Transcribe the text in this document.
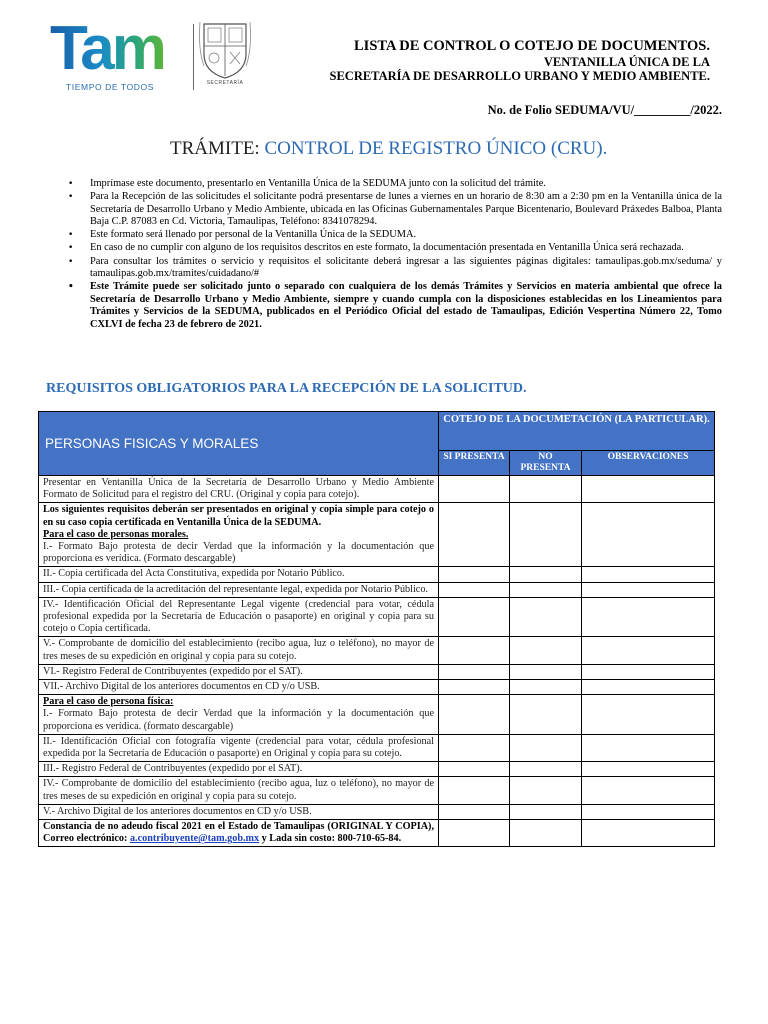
Tam
TIEMPO DE TODOS	SECRETARÍA
LISTA DE CONTROL O COTEJO DE DOCUMENTOS.
VENTANILLA ÚNICA DE LA
SECRETARÍA DE DESARROLLO URBANO Y MEDIO AMBIENTE.
No. de Folio SEDUMA/VU/_________/2022.
TRÁMITE: CONTROL DE REGISTRO ÚNICO (CRU).
• Imprímase este documento, presentarlo en Ventanilla Única de la SEDUMA junto con la solicitud del trámite.
• Para la Recepción de las solicitudes el solicitante podrá presentarse de lunes a viernes en un horario de 8:30 am a 2:30 pm en la Ventanilla única de la Secretaría de Desarrollo Urbano y Medio Ambiente, ubicada en las Oficinas Gubernamentales Parque Bicentenario, Boulevard Práxedes Balboa, Planta Baja C.P. 87083 en Cd. Victoria, Tamaulipas, Teléfono: 8341078294.
• Este formato será llenado por personal de la Ventanilla Única de la SEDUMA.
• En caso de no cumplir con alguno de los requisitos descritos en este formato, la documentación presentada en Ventanilla Única será rechazada.
• Para consultar los trámites o servicio y requisitos el solicitante deberá ingresar a las siguientes páginas digitales: tamaulipas.gob.mx/seduma/ y tamaulipas.gob.mx/tramites/cuidadano/#
• Este Trámite puede ser solicitado junto o separado con cualquiera de los demás Trámites y Servicios en materia ambiental que ofrece la Secretaría de Desarrollo Urbano y Medio Ambiente, siempre y cuando cumpla con la disposiciones establecidas en los Lineamientos para Trámites y Servicios de la SEDUMA, publicados en el Periódico Oficial del estado de Tamaulipas, Edición Vespertina Número 22, Tomo CXLVI de fecha 23 de febrero de 2021.
REQUISITOS OBLIGATORIOS PARA LA RECEPCIÓN DE LA SOLICITUD.
PERSONAS FISICAS Y MORALES	COTEJO DE LA DOCUMETACIÓN (LA PARTICULAR).		
	SI PRESENTA	NO PRESENTA	OBSERVACIONES
Presentar en Ventanilla Única de la Secretaría de Desarrollo Urbano y Medio Ambiente Formato de Solicitud para el registro del CRU. (Original y copia para cotejo).			

Los siguientes requisitos deberán ser presentados en original y copia simple para cotejo o en su caso copia certificada en Ventanilla Única de la SEDUMA.
Para el caso de personas morales.
I.- Formato Bajo protesta de decir Verdad que la información y la documentación que proporciona es verídica. (Formato descargable)			

II.- Copia certificada del Acta Constitutiva, expedida por Notario Público.			
III.- Copia certificada de la acreditación del representante legal, expedida por Notario Público.			
IV.- Identificación Oficial del Representante Legal vigente (credencial para votar, cédula profesional expedida por la Secretaría de Educación o pasaporte) en original y copia para su cotejo o Copia certificada.			
V.- Comprobante de domicilio del establecimiento (recibo agua, luz o teléfono), no mayor de tres meses de su expedición en original y copia para su cotejo.			
VI.- Registro Federal de Contribuyentes (expedido por el SAT).			
VII.- Archivo Digital de los anteriores documentos en CD y/o USB.			

Para el caso de persona física:
I.- Formato Bajo protesta de decir Verdad que la información y la documentación que proporciona es verídica. (formato descargable)			

II.- Identificación Oficial con fotografía vigente (credencial para votar, cédula profesional expedida por la Secretaría de Educación o pasaporte) en Original y copia para su cotejo.			
III.- Registro Federal de Contribuyentes (expedido por el SAT).			
IV.- Comprobante de domicilio del establecimiento (recibo agua, luz o teléfono), no mayor de tres meses de su expedición en original y copia para su cotejo.			
V.- Archivo Digital de los anteriores documentos en CD y/o USB.			
Constancia de no adeudo fiscal 2021 en el Estado de Tamaulipas (ORIGINAL Y COPIA), Correo electrónico: a.contribuyente@tam.gob.mx y Lada sin costo: 800-710-65-84.			
